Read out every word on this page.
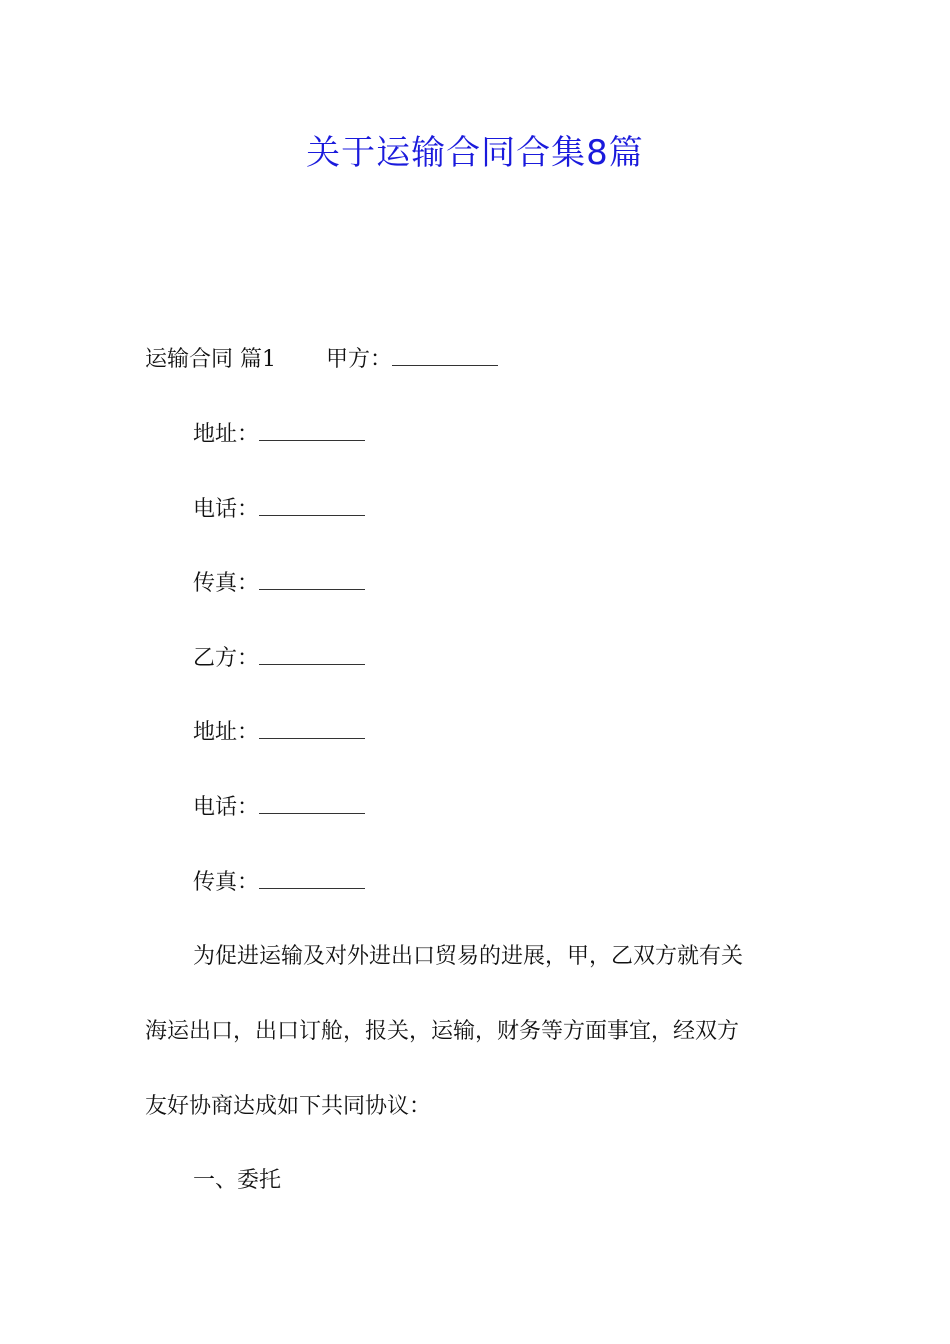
关于运输合同合集8篇
运输合同 篇1 甲方：
地址：
电话：
传真：
乙方：
地址：
电话：
传真：
为促进运输及对外进出口贸易的进展，甲，乙双方就有关
海运出口，出口订舱，报关，运输，财务等方面事宜，经双方
友好协商达成如下共同协议：
一、委托
